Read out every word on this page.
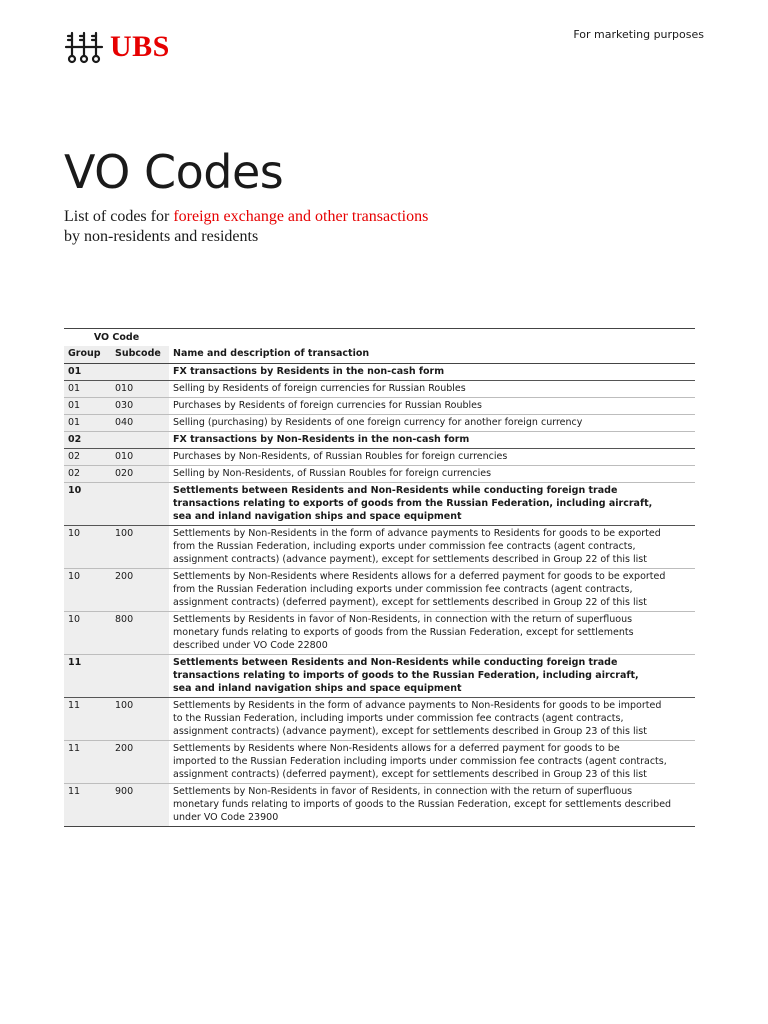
UBS	For marketing purposes
VO Codes

List of codes for foreign exchange and other transactions
by non-residents and residents

VO Code		
Group	Subcode	Name and description of transaction
01		FX transactions by Residents in the non-cash form

01	010	Selling by Residents of foreign currencies for Russian Roubles

01	030	Purchases by Residents of foreign currencies for Russian Roubles

01	040	Selling (purchasing) by Residents of one foreign currency for another foreign currency

02		FX transactions by Non-Residents in the non-cash form

02	010	Purchases by Non-Residents, of Russian Roubles for foreign currencies

02	020	Selling by Non-Residents, of Russian Roubles for foreign currencies

10		Settlements between Residents and Non-Residents while conducting foreign trade
transactions relating to exports of goods from the Russian Federation, including aircraft,
sea and inland navigation ships and space equipment

10	100	Settlements by Non-Residents in the form of advance payments to Residents for goods to be exported
from the Russian Federation, including exports under commission fee contracts (agent contracts,
assignment contracts) (advance payment), except for settlements described in Group 22 of this list

10	200	Settlements by Non-Residents where Residents allows for a deferred payment for goods to be exported
from the Russian Federation including exports under commission fee contracts (agent contracts,
assignment contracts) (deferred payment), except for settlements described in Group 22 of this list

10	800	Settlements by Residents in favor of Non-Residents, in connection with the return of superfluous
monetary funds relating to exports of goods from the Russian Federation, except for settlements
described under VO Code 22800

11		Settlements between Residents and Non-Residents while conducting foreign trade
transactions relating to imports of goods to the Russian Federation, including aircraft,
sea and inland navigation ships and space equipment

11	100	Settlements by Residents in the form of advance payments to Non-Residents for goods to be imported
to the Russian Federation, including imports under commission fee contracts (agent contracts,
assignment contracts) (advance payment), except for settlements described in Group 23 of this list

11	200	Settlements by Residents where Non-Residents allows for a deferred payment for goods to be
imported to the Russian Federation including imports under commission fee contracts (agent contracts,
assignment contracts) (deferred payment), except for settlements described in Group 23 of this list

11	900	Settlements by Non-Residents in favor of Residents, in connection with the return of superfluous
monetary funds relating to imports of goods to the Russian Federation, except for settlements described
under VO Code 23900
